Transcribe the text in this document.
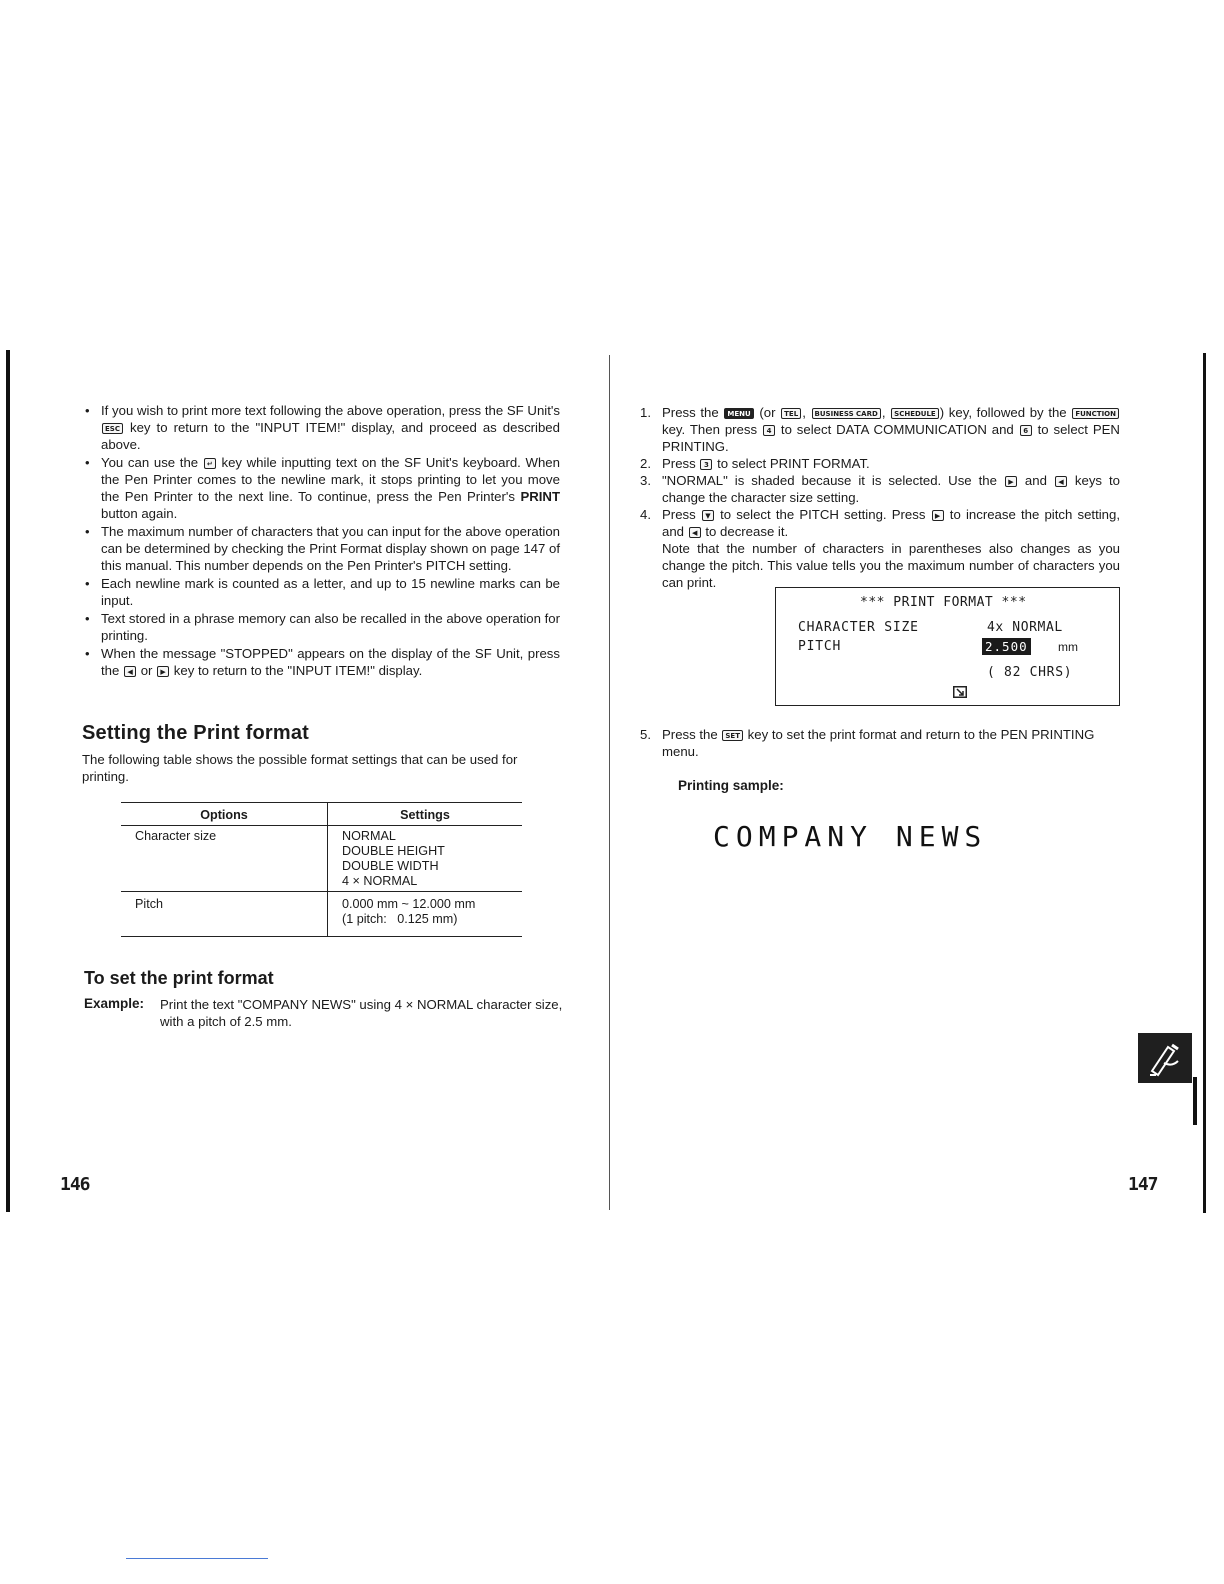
• If you wish to print more text following the above operation, press the SF Unit's ESC key to return to the "INPUT ITEM!" display, and proceed as described above.
• You can use the ↵ key while inputting text on the SF Unit's keyboard. When the Pen Printer comes to the newline mark, it stops printing to let you move the Pen Printer to the next line. To continue, press the Pen Printer's PRINT button again.
• The maximum number of characters that you can input for the above operation can be determined by checking the Print Format display shown on page 147 of this manual. This number depends on the Pen Printer's PITCH setting.
• Each newline mark is counted as a letter, and up to 15 newline marks can be input.
• Text stored in a phrase memory can also be recalled in the above operation for printing.
• When the message "STOPPED" appears on the display of the SF Unit, press the ◀ or ▶ key to return to the "INPUT ITEM!" display.
Setting the Print format

The following table shows the possible format settings that can be used for printing.

Options	Settings
Character size	NORMAL
DOUBLE HEIGHT
DOUBLE WIDTH
4 × NORMAL

Pitch	0.000 mm ~ 12.000 mm
(1 pitch:   0.125 mm)
To set the print format
Example: Print the text "COMPANY NEWS" using 4 × NORMAL character size, with a pitch of 2.5 mm.

146
1. Press the MENU (or TEL , BUSINESS CARD , SCHEDULE ) key, followed by the FUNCTION key. Then press 4 to select DATA COMMUNICATION and 6 to select PEN PRINTING.
2. Press 3 to select PRINT FORMAT.
3. "NORMAL" is shaded because it is selected. Use the ▶ and ◀ keys to change the character size setting.
4. Press ▼ to select the PITCH setting. Press ▶ to increase the pitch setting, and ◀ to decrease it.
Note that the number of characters in parentheses also changes as you change the pitch. This value tells you the maximum number of characters you can print.
*** PRINT FORMAT ***
CHARACTER SIZE	4x NORMAL
PITCH	2.500	mm
( 82 CHRS)
5. Press the SET key to set the print format and return to the PEN PRINTING menu.
Printing sample:
COMPANY NEWS
147
